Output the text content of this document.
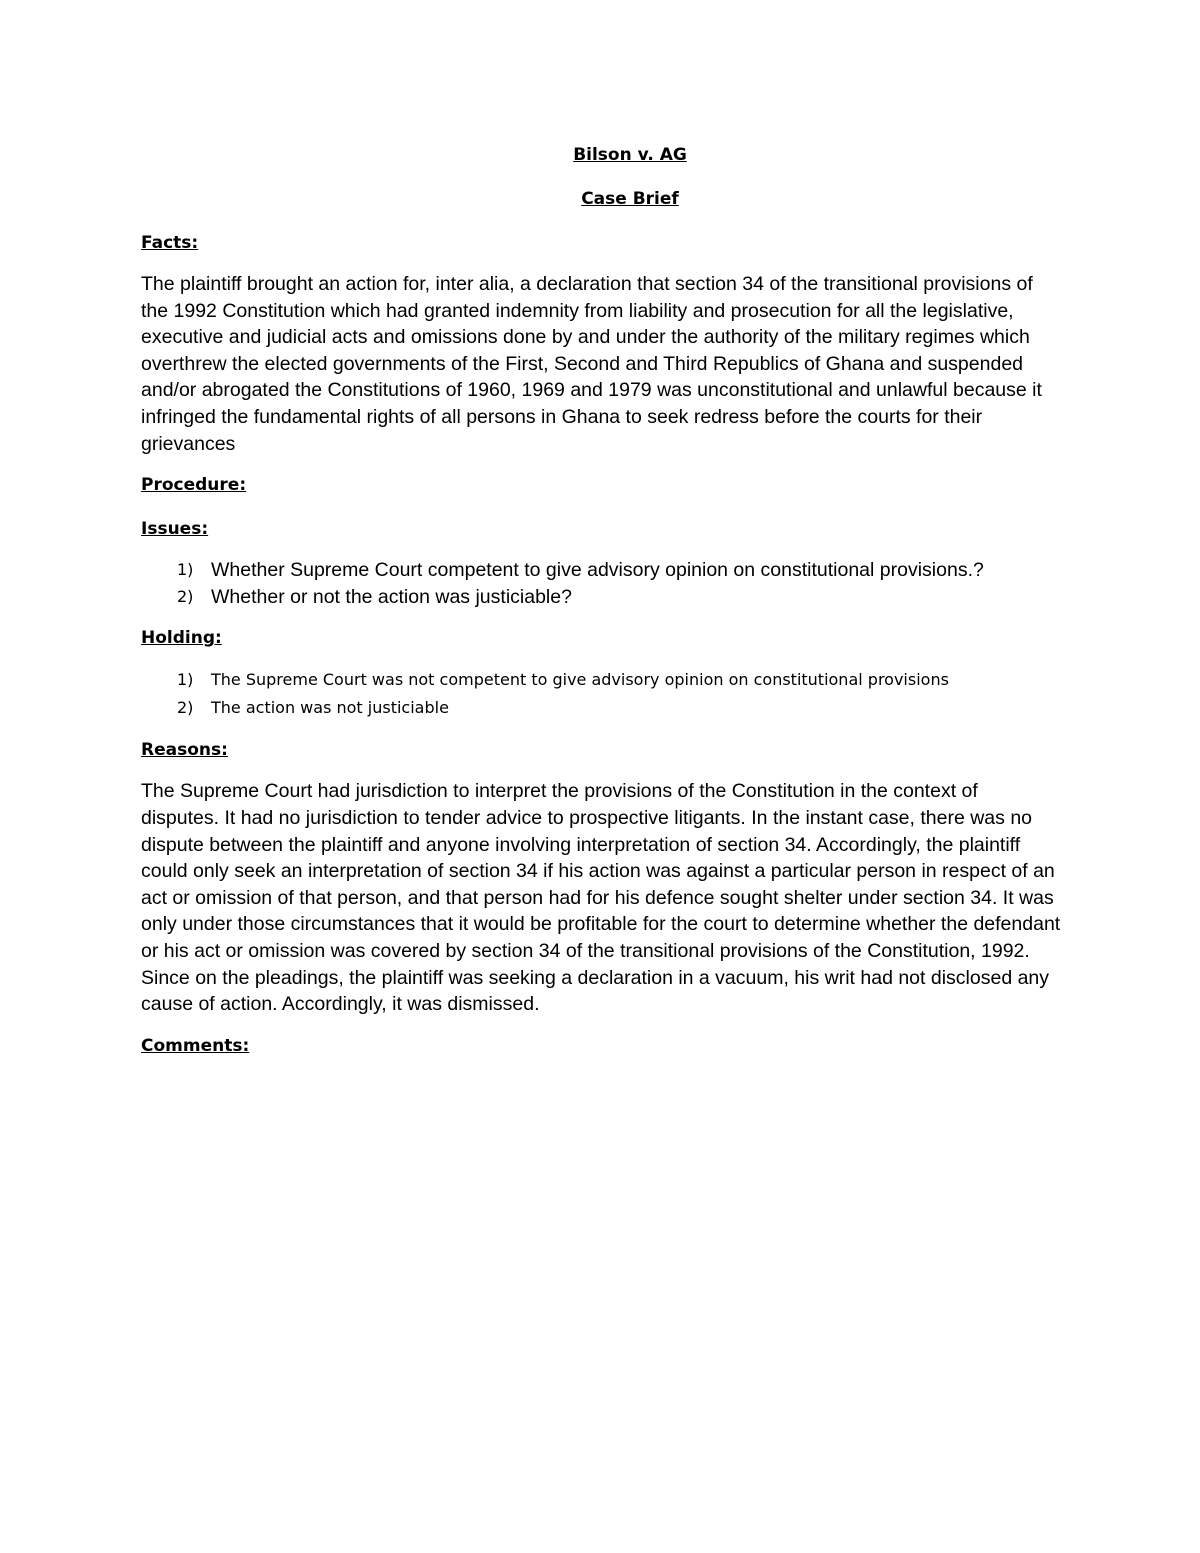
Bilson v. AG

Case Brief

Facts:

The plaintiff brought an action for, inter alia, a declaration that section 34 of the transitional provisions of the 1992 Constitution which had granted indemnity from liability and prosecution for all the legislative, executive and judicial acts and omissions done by and under the authority of the military regimes which overthrew the elected governments of the First, Second and Third Republics of Ghana and suspended and/or abrogated the Constitutions of 1960, 1969 and 1979 was unconstitutional and unlawful because it infringed the fundamental rights of all persons in Ghana to seek redress before the courts for their grievances

Procedure:

Issues:

1) Whether Supreme Court competent to give advisory opinion on constitutional provisions.?
2) Whether or not the action was justiciable?

Holding:

1)	The Supreme Court was not competent to give advisory opinion on constitutional provisions
2)	The action was not justiciable

Reasons:

The Supreme Court had jurisdiction to interpret the provisions of the Constitution in the context of disputes. It had no jurisdiction to tender advice to prospective litigants. In the instant case, there was no dispute between the plaintiff and anyone involving interpretation of section 34. Accordingly, the plaintiff could only seek an interpretation of section 34 if his action was against a particular person in respect of an act or omission of that person, and that person had for his defence sought shelter under section 34. It was only under those circumstances that it would be profitable for the court to determine whether the defendant or his act or omission was covered by section 34 of the transitional provisions of the Constitution, 1992. Since on the pleadings, the plaintiff was seeking a declaration in a vacuum, his writ had not disclosed any cause of action. Accordingly, it was dismissed.

Comments:
